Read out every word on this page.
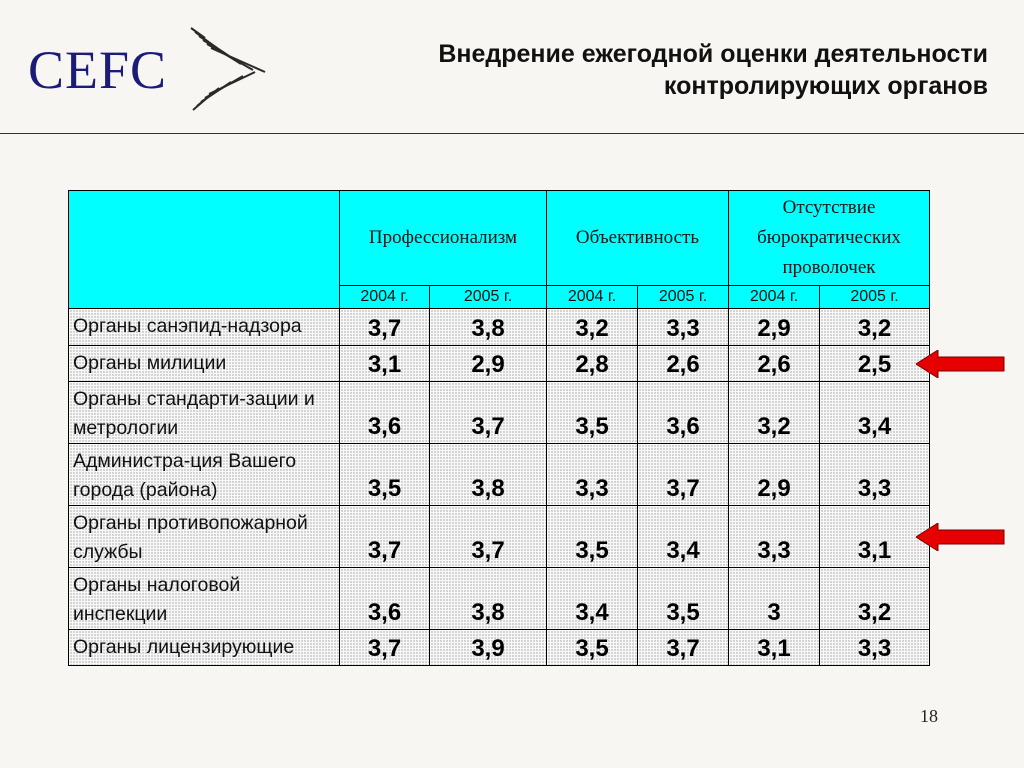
CEFC	Внедрение ежегодной оценки деятельности
контролирующих органов
	Профессионализм		Объективность		Отсутствие бюрократических проволочек	
	2004 г.	2005 г.	2004 г.	2005 г.	2004 г.	2005 г.
Органы санэпид-надзора	3,7	3,8	3,2	3,3	2,9	3,2
Органы милиции	3,1	2,9	2,8	2,6	2,6	2,5
Органы стандарти-зации и метрологии	3,6	3,7	3,5	3,6	3,2	3,4
Администра-ция Вашего города (района)	3,5	3,8	3,3	3,7	2,9	3,3
Органы противопожарной службы	3,7	3,7	3,5	3,4	3,3	3,1
Органы налоговой инспекции	3,6	3,8	3,4	3,5	3	3,2
Органы лицензирующие	3,7	3,9	3,5	3,7	3,1	3,3
18
